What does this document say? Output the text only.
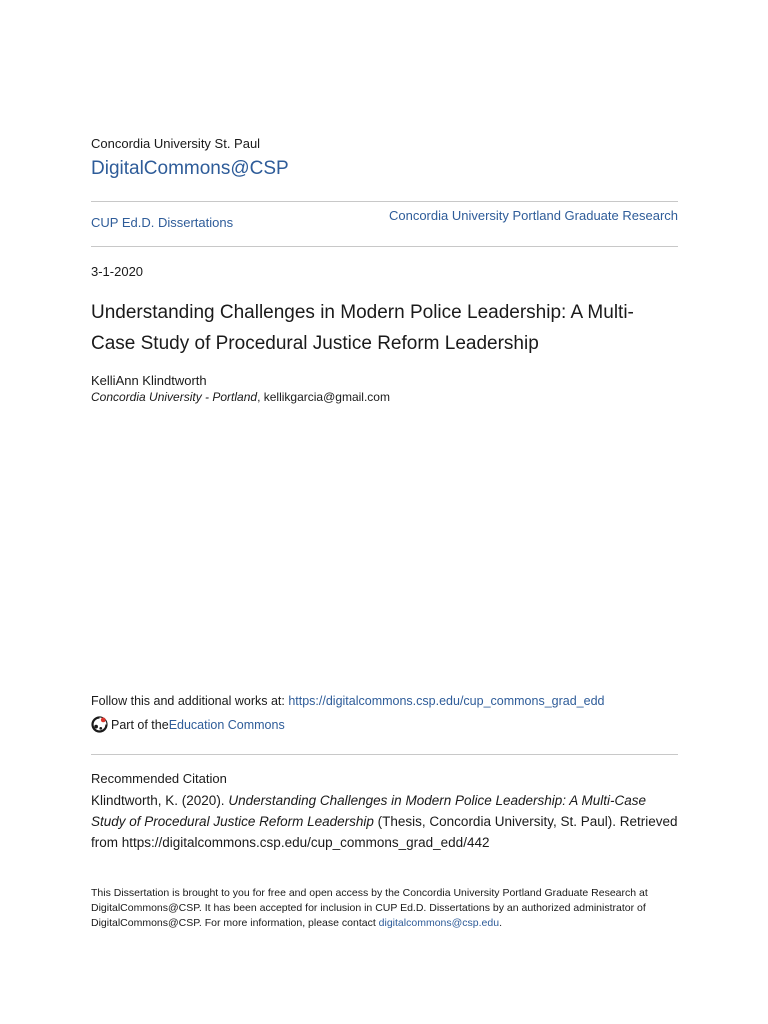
Concordia University St. Paul
DigitalCommons@CSP
CUP Ed.D. Dissertations	Concordia University Portland Graduate Research
3-1-2020
Understanding Challenges in Modern Police Leadership: A Multi-Case Study of Procedural Justice Reform Leadership
KelliAnn Klindtworth
Concordia University - Portland, kellikgarcia@gmail.com
Follow this and additional works at: https://digitalcommons.csp.edu/cup_commons_grad_edd
Part of the Education Commons
Recommended Citation
Klindtworth, K. (2020). Understanding Challenges in Modern Police Leadership: A Multi-Case Study of Procedural Justice Reform Leadership (Thesis, Concordia University, St. Paul). Retrieved from https://digitalcommons.csp.edu/cup_commons_grad_edd/442
This Dissertation is brought to you for free and open access by the Concordia University Portland Graduate Research at DigitalCommons@CSP. It has been accepted for inclusion in CUP Ed.D. Dissertations by an authorized administrator of DigitalCommons@CSP. For more information, please contact digitalcommons@csp.edu.
